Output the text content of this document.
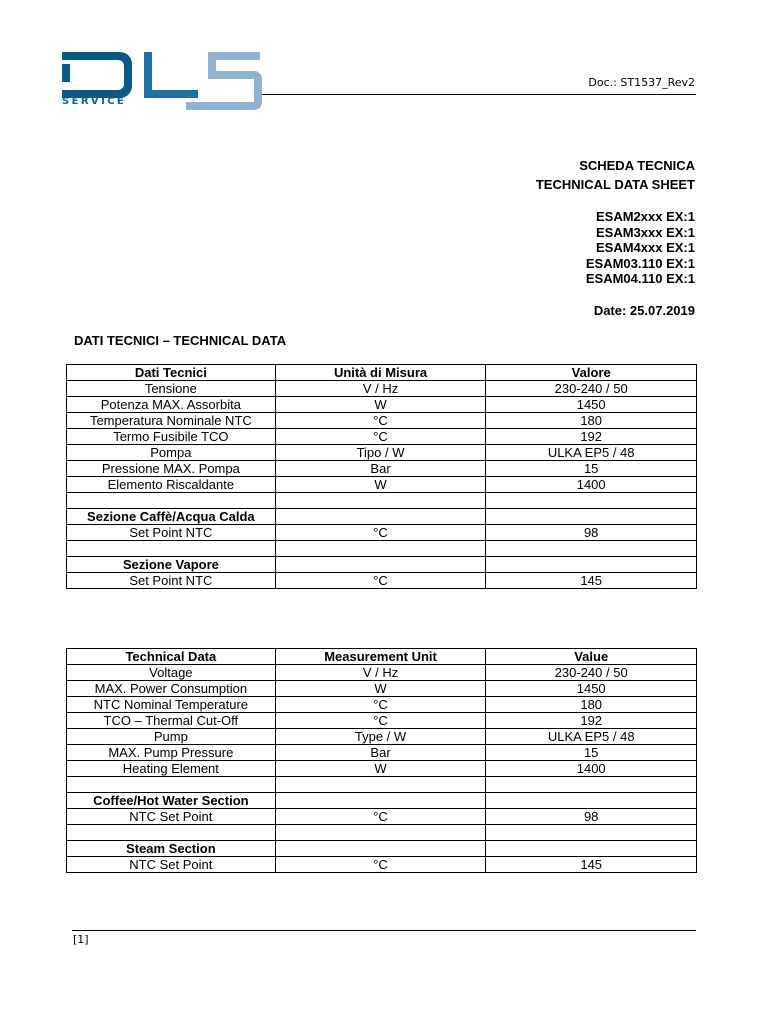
SERVICE
Doc.: ST1537_Rev2
SCHEDA TECNICA
TECHNICAL DATA SHEET
ESAM2xxx EX:1
ESAM3xxx EX:1
ESAM4xxx EX:1
ESAM03.110 EX:1
ESAM04.110 EX:1
Date: 25.07.2019
DATI TECNICI – TECHNICAL DATA
Dati Tecnici	Unità di Misura	Valore
Tensione	V / Hz	230-240 / 50
Potenza MAX. Assorbita	W	1450
Temperatura Nominale NTC	°C	180
Termo Fusibile TCO	°C	192
Pompa	Tipo / W	ULKA EP5 / 48
Pressione MAX. Pompa	Bar	15
Elemento Riscaldante	W	1400

Sezione Caffè/Acqua Calda		
Set Point NTC	°C	98

Sezione Vapore		
Set Point NTC	°C	145
Technical Data	Measurement Unit	Value
Voltage	V / Hz	230-240 / 50
MAX. Power Consumption	W	1450
NTC Nominal Temperature	°C	180
TCO – Thermal Cut-Off	°C	192
Pump	Type / W	ULKA EP5 / 48
MAX. Pump Pressure	Bar	15
Heating Element	W	1400

Coffee/Hot Water Section		
NTC Set Point	°C	98

Steam Section		
NTC Set Point	°C	145
[1]
